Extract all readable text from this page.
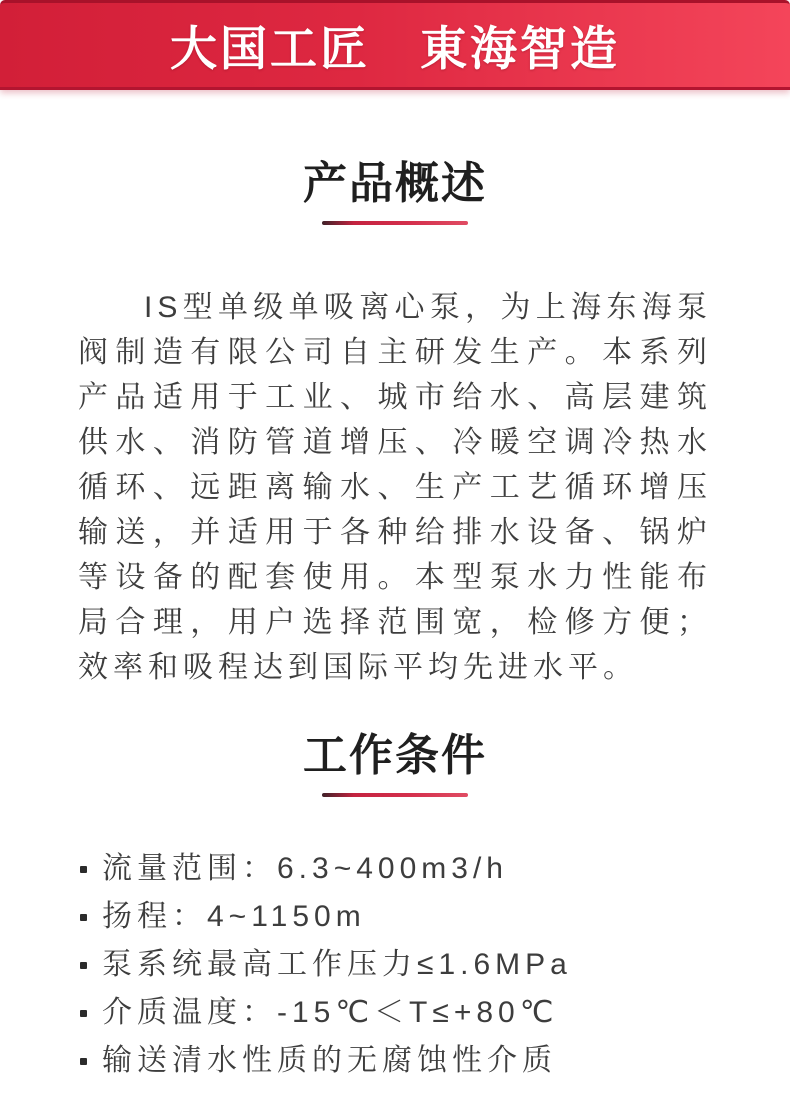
大国工匠　東海智造
产品概述
IS型单级单吸离心泵，为上海东海泵
阀制造有限公司自主研发生产。本系列
产品适用于工业、城市给水、高层建筑
供水、消防管道增压、冷暖空调冷热水
循环、远距离输水、生产工艺循环增压
输送，并适用于各种给排水设备、锅炉
等设备的配套使用。本型泵水力性能布
局合理，用户选择范围宽，检修方便；
效率和吸程达到国际平均先进水平。
工作条件
流量范围：6.3~400m3/h
扬程：4~1150m
泵系统最高工作压力≤1.6MPa
介质温度：-15℃＜T≤+80℃
输送清水性质的无腐蚀性介质
